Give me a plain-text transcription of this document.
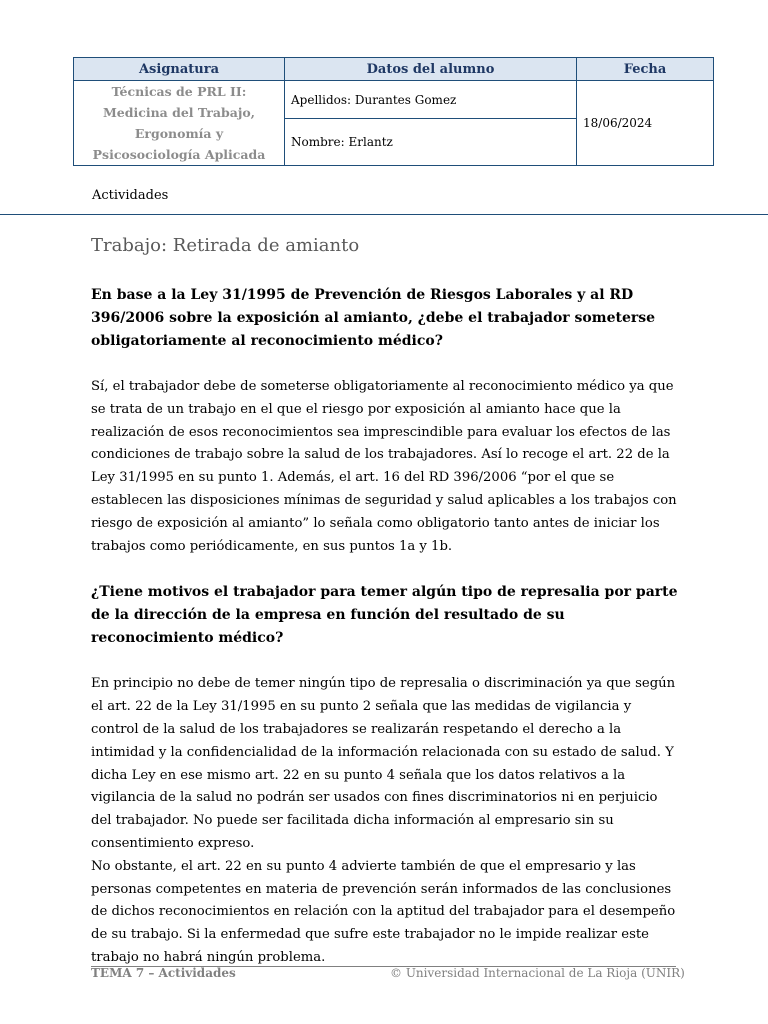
Asignatura	Datos del alumno	Fecha
Técnicas de PRL II: Medicina del Trabajo, Ergonomía y Psicosociología Aplicada	Apellidos: Durantes Gomez	18/06/2024
	Nombre: Erlantz	
Actividades
Trabajo: Retirada de amianto

En base a la Ley 31/1995 de Prevención de Riesgos Laborales y al RD 396/2006 sobre la exposición al amianto, ¿debe el trabajador someterse obligatoriamente al reconocimiento médico?

Sí, el trabajador debe de someterse obligatoriamente al reconocimiento médico ya que se trata de un trabajo en el que el riesgo por exposición al amianto hace que la realización de esos reconocimientos sea imprescindible para evaluar los efectos de las condiciones de trabajo sobre la salud de los trabajadores. Así lo recoge el art. 22 de la Ley 31/1995 en su punto 1. Además, el art. 16 del RD 396/2006 “por el que se establecen las disposiciones mínimas de seguridad y salud aplicables a los trabajos con riesgo de exposición al amianto” lo señala como obligatorio tanto antes de iniciar los trabajos como periódicamente, en sus puntos 1a y 1b.

¿Tiene motivos el trabajador para temer algún tipo de represalia por parte de la dirección de la empresa en función del resultado de su reconocimiento médico?

En principio no debe de temer ningún tipo de represalia o discriminación ya que según el art. 22 de la Ley 31/1995 en su punto 2 señala que las medidas de vigilancia y control de la salud de los trabajadores se realizarán respetando el derecho a la intimidad y la confidencialidad de la información relacionada con su estado de salud. Y dicha Ley en ese mismo art. 22 en su punto 4 señala que los datos relativos a la vigilancia de la salud no podrán ser usados con fines discriminatorios ni en perjuicio del trabajador. No puede ser facilitada dicha información al empresario sin su consentimiento expreso.

No obstante, el art. 22 en su punto 4 advierte también de que el empresario y las personas competentes en materia de prevención serán informados de las conclusiones de dichos reconocimientos en relación con la aptitud del trabajador para el desempeño de su trabajo. Si la enfermedad que sufre este trabajador no le impide realizar este trabajo no habrá ningún problema.

TEMA 7 – Actividades	© Universidad Internacional de La Rioja (UNIR)
